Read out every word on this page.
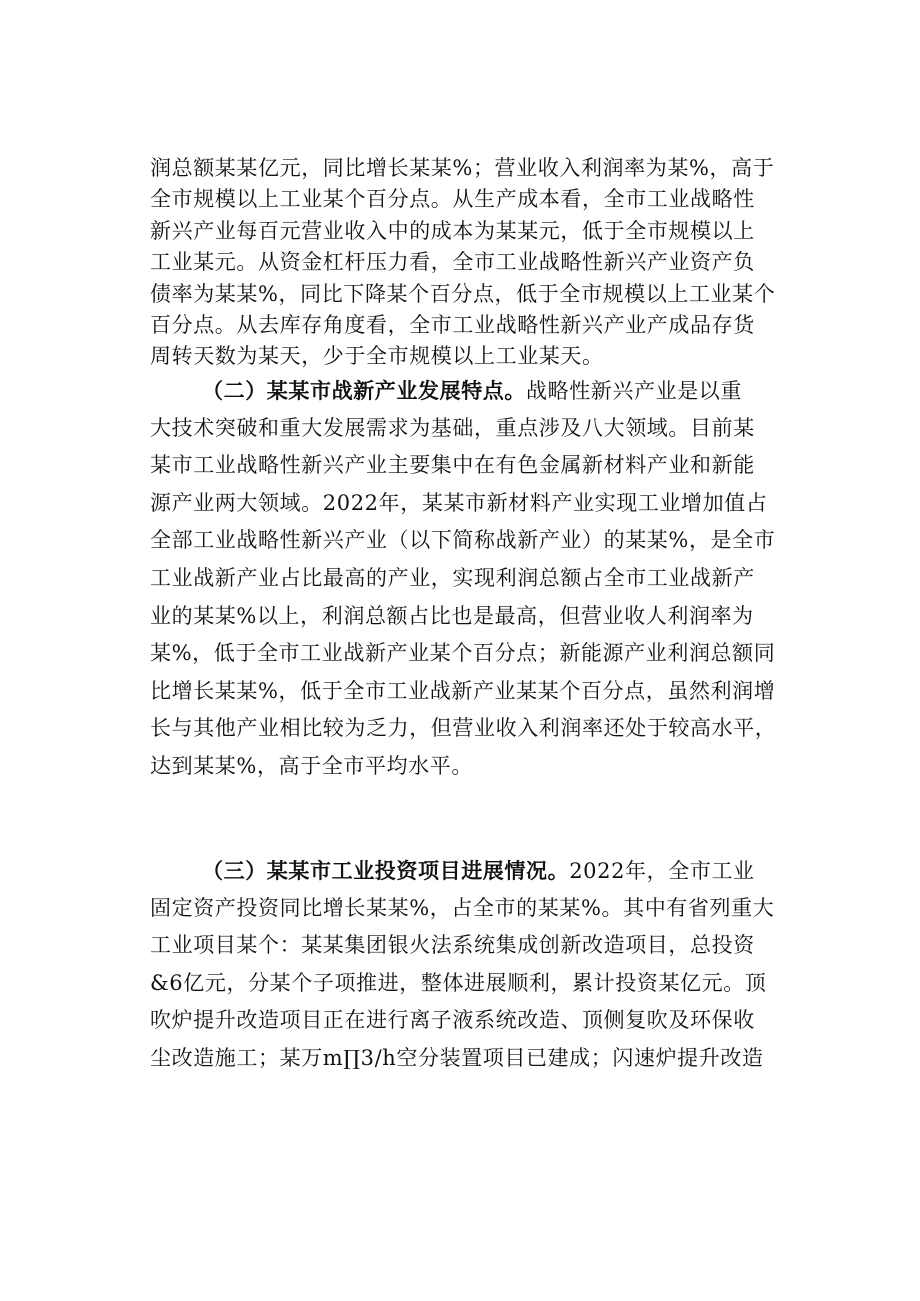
润总额某某亿元，同比增长某某%；营业收入利润率为某%，高于
全市规模以上工业某个百分点。从生产成本看，全市工业战略性
新兴产业每百元营业收入中的成本为某某元，低于全市规模以上
工业某元。从资金杠杆压力看，全市工业战略性新兴产业资产负
债率为某某%，同比下降某个百分点，低于全市规模以上工业某个
百分点。从去库存角度看，全市工业战略性新兴产业产成品存货
周转天数为某天，少于全市规模以上工业某天。
（二）某某市战新产业发展特点。战略性新兴产业是以重
大技术突破和重大发展需求为基础，重点涉及八大领域。目前某
某市工业战略性新兴产业主要集中在有色金属新材料产业和新能
源产业两大领域。2022年，某某市新材料产业实现工业增加值占
全部工业战略性新兴产业（以下简称战新产业）的某某%，是全市
工业战新产业占比最高的产业，实现利润总额占全市工业战新产
业的某某%以上，利润总额占比也是最高，但营业收人利润率为
某%，低于全市工业战新产业某个百分点；新能源产业利润总额同
比增长某某%，低于全市工业战新产业某某个百分点，虽然利润增
长与其他产业相比较为乏力，但营业收入利润率还处于较高水平，
达到某某%，高于全市平均水平。
（三）某某市工业投资项目进展情况。2022年，全市工业
固定资产投资同比增长某某%，占全市的某某%。其中有省列重大
工业项目某个：某某集团银火法系统集成创新改造项目，总投资
&6亿元，分某个子项推进，整体进展顺利，累计投资某亿元。顶
吹炉提升改造项目正在进行离子液系统改造、顶侧复吹及环保收
尘改造施工；某万m∏3/h空分装置项目已建成；闪速炉提升改造
